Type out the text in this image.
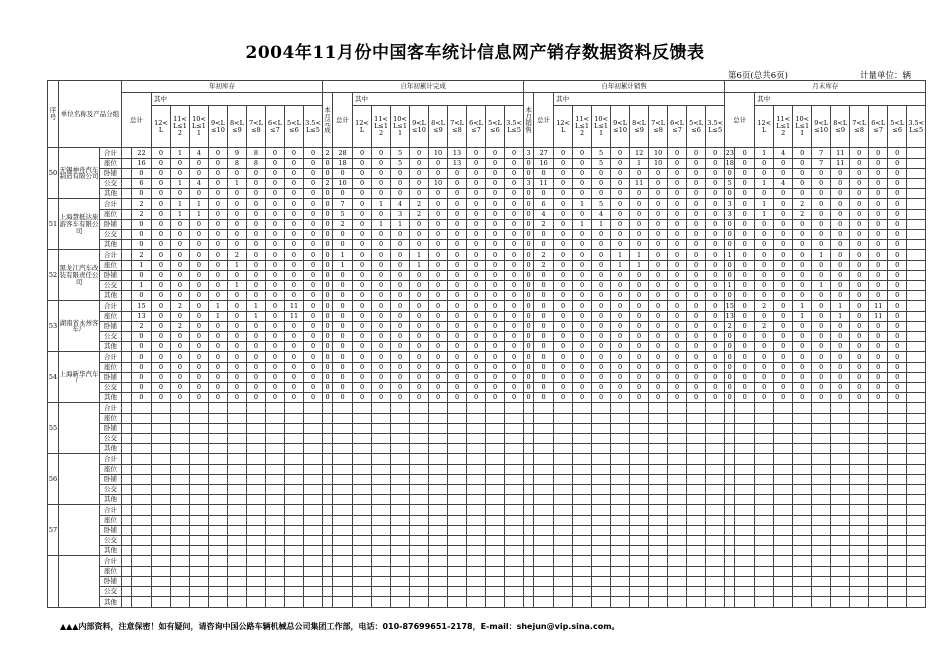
2004年11月份中国客车统计信息网产销存数据资料反馈表
第6页(总共6页)	计量单位：辆
序号	单位名称及产品分组		年初库存											自年初累计完成											自年初累计销售											月末库存										
			总计		其中									本月完成	总计	其中									本月销售	总计	其中									总计		其中								
					12<L	11<L≤12	10<L≤11	9<L≤10	8<L≤9	7<L≤8	6<L≤7	5<L≤6	3.5<L≤5			12<L	11<L≤12	10<L≤11	9<L≤10	8<L≤9	7<L≤8	6<L≤7	5<L≤6	3.5<L≤5			12<L	11<L≤12	10<L≤11	9<L≤10	8<L≤9	7<L≤8	6<L≤7	5<L≤6	3.5<L≤5			12<L	11<L≤12	10<L≤11	9<L≤10	8<L≤9	7<L≤8	6<L≤7	5<L≤6	3.5<L≤5
50	无锡神舟汽车制造有限公司	合计		22	0	1	4	0	9	8	0	0	0	2	28	0	0	5	0	10	13	0	0	0	3	27	0	0	5	0	12	10	0	0	0	23	0	1	4	0	7	11	0	0	0	
		座位		16	0	0	0	0	8	8	0	0	0	0	18	0	0	5	0	0	13	0	0	0	0	16	0	0	5	0	1	10	0	0	0	18	0	0	0	0	7	11	0	0	0	
		卧铺		0	0	0	0	0	0	0	0	0	0	0	0	0	0	0	0	0	0	0	0	0	0	0	0	0	0	0	0	0	0	0	0	0	0	0	0	0	0	0	0	0	0	
		公交		6	0	1	4	0	1	0	0	0	0	2	10	0	0	0	0	10	0	0	0	0	3	11	0	0	0	0	11	0	0	0	0	5	0	1	4	0	0	0	0	0	0	
		其他		0	0	0	0	0	0	0	0	0	0	0	0	0	0	0	0	0	0	0	0	0	0	0	0	0	0	0	0	0	0	0	0	0	0	0	0	0	0	0	0	0	0	
51	上海慧抵达旅游客车有限公司	合计		2	0	1	1	0	0	0	0	0	0	0	7	0	1	4	2	0	0	0	0	0	0	6	0	1	5	0	0	0	0	0	0	3	0	1	0	2	0	0	0	0	0	
		座位		2	0	1	1	0	0	0	0	0	0	0	5	0	0	3	2	0	0	0	0	0	0	4	0	0	4	0	0	0	0	0	0	3	0	1	0	2	0	0	0	0	0	
		卧铺		0	0	0	0	0	0	0	0	0	0	0	2	0	1	1	0	0	0	0	0	0	0	2	0	1	1	0	0	0	0	0	0	0	0	0	0	0	0	0	0	0	0	
		公交		0	0	0	0	0	0	0	0	0	0	0	0	0	0	0	0	0	0	0	0	0	0	0	0	0	0	0	0	0	0	0	0	0	0	0	0	0	0	0	0	0	0	
		其他		0	0	0	0	0	0	0	0	0	0	0	0	0	0	0	0	0	0	0	0	0	0	0	0	0	0	0	0	0	0	0	0	0	0	0	0	0	0	0	0	0	0	
52	黑龙江汽车改装有限责任公司	合计		2	0	0	0	0	2	0	0	0	0	0	1	0	0	0	1	0	0	0	0	0	0	2	0	0	0	1	1	0	0	0	0	1	0	0	0	0	1	0	0	0	0	
		座位		1	0	0	0	0	1	0	0	0	0	0	1	0	0	0	1	0	0	0	0	0	0	2	0	0	0	1	1	0	0	0	0	0	0	0	0	0	0	0	0	0	0	
		卧铺		0	0	0	0	0	0	0	0	0	0	0	0	0	0	0	0	0	0	0	0	0	0	0	0	0	0	0	0	0	0	0	0	0	0	0	0	0	0	0	0	0	0	
		公交		1	0	0	0	0	1	0	0	0	0	0	0	0	0	0	0	0	0	0	0	0	0	0	0	0	0	0	0	0	0	0	0	1	0	0	0	0	1	0	0	0	0	
		其他		0	0	0	0	0	0	0	0	0	0	0	0	0	0	0	0	0	0	0	0	0	0	0	0	0	0	0	0	0	0	0	0	0	0	0	0	0	0	0	0	0	0	
53	湖南省永州客车厂	合计		15	0	2	0	1	0	1	0	11	0	0	0	0	0	0	0	0	0	0	0	0	0	0	0	0	0	0	0	0	0	0	0	15	0	2	0	1	0	1	0	11	0	
		座位		13	0	0	0	1	0	1	0	11	0	0	0	0	0	0	0	0	0	0	0	0	0	0	0	0	0	0	0	0	0	0	0	13	0	0	0	1	0	1	0	11	0	
		卧铺		2	0	2	0	0	0	0	0	0	0	0	0	0	0	0	0	0	0	0	0	0	0	0	0	0	0	0	0	0	0	0	0	2	0	2	0	0	0	0	0	0	0	
		公交		0	0	0	0	0	0	0	0	0	0	0	0	0	0	0	0	0	0	0	0	0	0	0	0	0	0	0	0	0	0	0	0	0	0	0	0	0	0	0	0	0	0	
		其他		0	0	0	0	0	0	0	0	0	0	0	0	0	0	0	0	0	0	0	0	0	0	0	0	0	0	0	0	0	0	0	0	0	0	0	0	0	0	0	0	0	0	
54	上海新华汽车厂	合计		0	0	0	0	0	0	0	0	0	0	0	0	0	0	0	0	0	0	0	0	0	0	0	0	0	0	0	0	0	0	0	0	0	0	0	0	0	0	0	0	0	0	
		座位		0	0	0	0	0	0	0	0	0	0	0	0	0	0	0	0	0	0	0	0	0	0	0	0	0	0	0	0	0	0	0	0	0	0	0	0	0	0	0	0	0	0	
		卧铺		0	0	0	0	0	0	0	0	0	0	0	0	0	0	0	0	0	0	0	0	0	0	0	0	0	0	0	0	0	0	0	0	0	0	0	0	0	0	0	0	0	0	
		公交		0	0	0	0	0	0	0	0	0	0	0	0	0	0	0	0	0	0	0	0	0	0	0	0	0	0	0	0	0	0	0	0	0	0	0	0	0	0	0	0	0	0	
		其他		0	0	0	0	0	0	0	0	0	0	0	0	0	0	0	0	0	0	0	0	0	0	0	0	0	0	0	0	0	0	0	0	0	0	0	0	0	0	0	0	0	0	
55		合计																																												
		座位																																												
		卧铺																																												
		公交																																												
		其他																																												
56		合计																																												
		座位																																												
		卧铺																																												
		公交																																												
		其他																																												
57		合计																																												
		座位																																												
		卧铺																																												
		公交																																												
		其他																																												
		合计																																												
		座位																																												
		卧铺																																												
		公交																																												
		其他																																												
▲▲▲内部资料，注意保密！如有疑问，请咨询中国公路车辆机械总公司集团工作部，电话：010-87699651-2178，E-mail：shejun@vip.sina.com。
